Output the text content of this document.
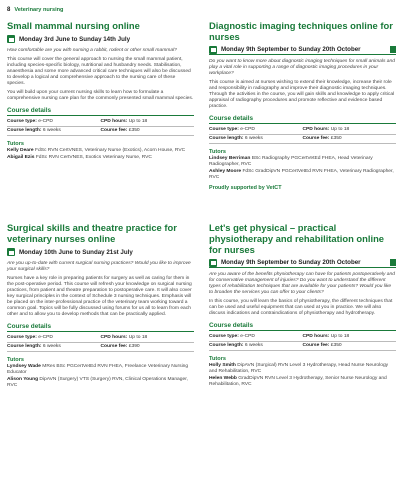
8 Veterinary nursing
Small mammal nursing online
Monday 3rd June to Sunday 14th July

How comfortable are you with nursing a rabbit, rodent or other small mammal?

This course will cover the general approach to nursing the small mammal patient, including species-specific biology, nutritional and husbandry needs. Stabilisation, anaesthesia and some more advanced critical care techniques will also be discussed to develop a logical and comprehensive approach to the nursing care of these species.

You will build upon your current nursing skills to learn how to formulate a comprehensive nursing care plan for the commonly presented small mammal species.

Course details
Course type: e-CPD	CPD hours: Up to 18
Course length: 6 weeks	Course fee: £350
Tutors

Kelly Deare FdSc RVN CertVNES, Veterinary Nurse (Exotics), Acorn House, RVC

Abigail Ezis FdSc RVN CertVNES, Exotics Veterinary Nurse, RVC

Diagnostic imaging techniques online for nurses
Monday 9th September to Sunday 20th October

Do you want to know more about diagnostic imaging techniques for small animals and play a vital role in supporting a range of diagnostic imaging procedures in your workplace?

This course is aimed at nurses wishing to extend their knowledge, increase their role and responsibility in radiography and improve their diagnostic imaging techniques. Through the activities in the course, you will gain skills and knowledge to apply critical appraisal of radiography procedures and promote reflective and evidence based practice.

Course details
Course type: e-CPD	CPD hours: Up to 18
Course length: 6 weeks	Course fee: £350
Tutors

Lindsey Berriman BSc Radiography PGCertVetEd FHEA, Head Veterinary Radiographer, RVC

Ashley Moore FdSc GradDipVN PGCertVetEd RVN FHEA, Veterinary Radiographer, RVC

Proudly supported by VetCT

Surgical skills and theatre practice for veterinary nurses online
Monday 10th June to Sunday 21st July

Are you up-to-date with current surgical nursing practices? Would you like to improve your surgical skills?

Nurses have a key role in preparing patients for surgery as well as caring for them in the post-operative period. This course will refresh your knowledge on surgical nursing practices, from patient and theatre preparation to postoperative care. It will also cover key surgical principles in the context of Schedule 3 nursing techniques. Emphasis will be placed on the inter-professional practice of the veterinary team working toward a common goal. Topics will be fully discussed using forums for us all to learn from each other and to allow you to develop methods that can be practically applied.

Course details
Course type: e-CPD	CPD hours: Up to 18
Course length: 6 weeks	Course fee: £390
Tutors

Lyndsey Wade MRes BSc PGCertVetEd RVN FHEA, Freelance Veterinary Nursing Educator

Alison Young DipAVN (Surgery) VTS (Surgery) RVN, Clinical Operations Manager, RVC

Let's get physical – practical physiotherapy and rehabilitation online for nurses
Monday 9th September to Sunday 20th October

Are you aware of the benefits physiotherapy can have for patients postoperatively and for conservative management of injuries? Do you want to understand the different types of rehabilitation techniques that are available for your patients? Would you like to broaden the services you can offer to your clients?

In this course, you will learn the basics of physiotherapy, the different techniques that can be used and useful equipment that can used at you in practice. We will also discuss indications and contraindications of physiotherapy and hydrotherapy.

Course details
Course type: e-CPD	CPD hours: Up to 18
Course length: 6 weeks	Course fee: £350
Tutors

Holly Smith DipAVN (Surgical) RVN Level 3 Hydrotherapy, Head Nurse Neurology and Rehabilitation, RVC

Helen Webb GradDipVN RVN Level 3 Hydrotherapy, Senior Nurse Neurology and Rehabilitation, RVC
